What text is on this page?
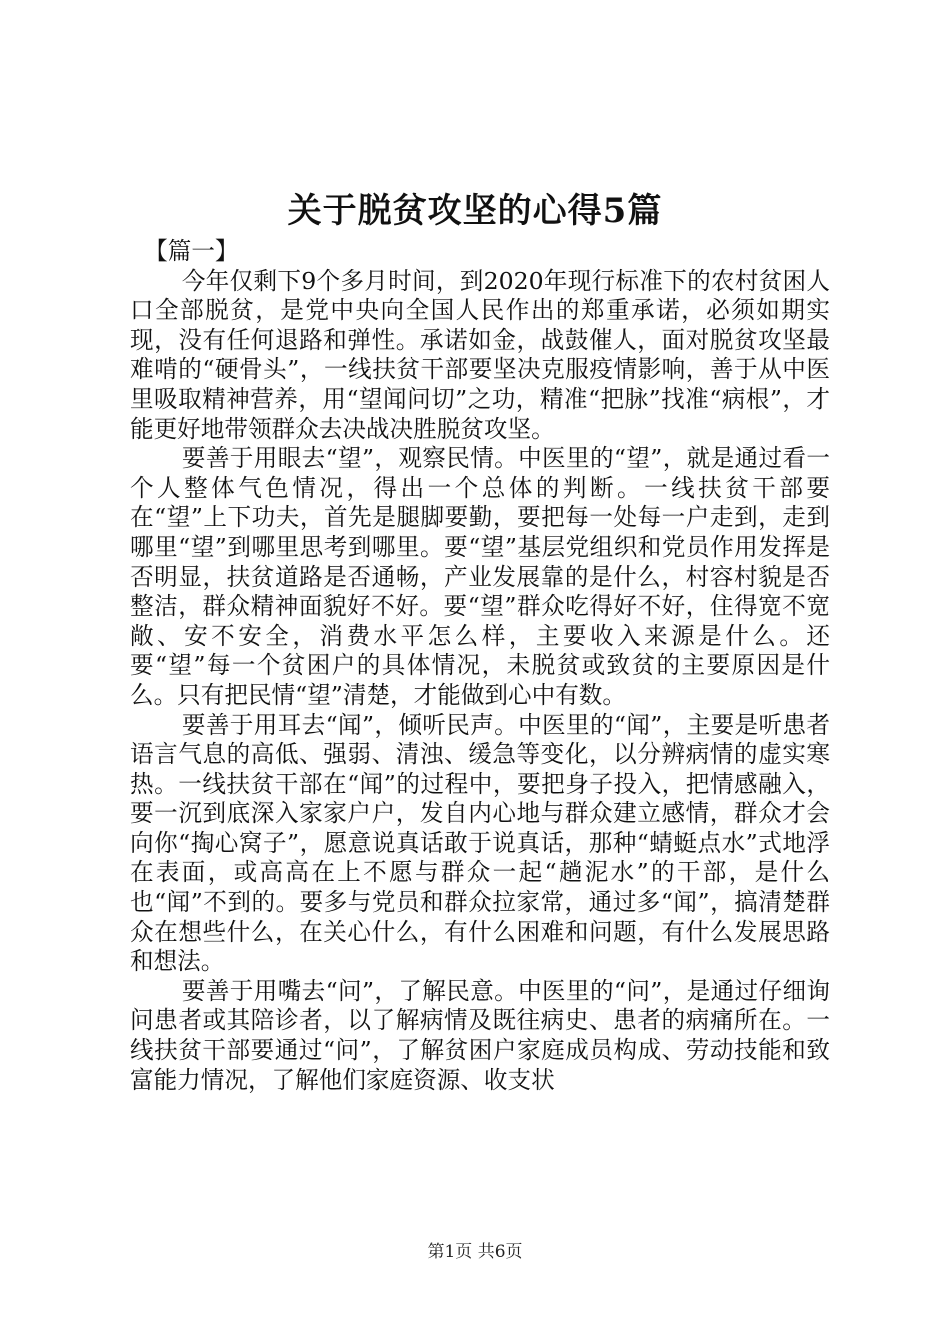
关于脱贫攻坚的心得5篇

【篇一】

今年仅剩下9个多月时间，到2020年现行标准下的农村贫困人口全部脱贫，是党中央向全国人民作出的郑重承诺，必须如期实现，没有任何退路和弹性。承诺如金，战鼓催人，面对脱贫攻坚最难啃的“硬骨头”，一线扶贫干部要坚决克服疫情影响，善于从中医里吸取精神营养，用“望闻问切”之功，精准“把脉”找准“病根”，才能更好地带领群众去决战决胜脱贫攻坚。

要善于用眼去“望”，观察民情。中医里的“望”，就是通过看一个人整体气色情况，得出一个总体的判断。一线扶贫干部要在“望”上下功夫，首先是腿脚要勤，要把每一处每一户走到，走到哪里“望”到哪里思考到哪里。要“望”基层党组织和党员作用发挥是否明显，扶贫道路是否通畅，产业发展靠的是什么，村容村貌是否整洁，群众精神面貌好不好。要“望”群众吃得好不好，住得宽不宽敞、安不安全，消费水平怎么样，主要收入来源是什么。还要“望”每一个贫困户的具体情况，未脱贫或致贫的主要原因是什么。只有把民情“望”清楚，才能做到心中有数。

要善于用耳去“闻”，倾听民声。中医里的“闻”，主要是听患者语言气息的高低、强弱、清浊、缓急等变化，以分辨病情的虚实寒热。一线扶贫干部在“闻”的过程中，要把身子投入，把情感融入，要一沉到底深入家家户户，发自内心地与群众建立感情，群众才会向你“掏心窝子”，愿意说真话敢于说真话，那种“蜻蜓点水”式地浮在表面，或高高在上不愿与群众一起“趟泥水”的干部，是什么也“闻”不到的。要多与党员和群众拉家常，通过多“闻”，搞清楚群众在想些什么，在关心什么，有什么困难和问题，有什么发展思路和想法。

要善于用嘴去“问”，了解民意。中医里的“问”，是通过仔细询问患者或其陪诊者，以了解病情及既往病史、患者的病痛所在。一线扶贫干部要通过“问”，了解贫困户家庭成员构成、劳动技能和致富能力情况，了解他们家庭资源、收支状

第1页 共6页
